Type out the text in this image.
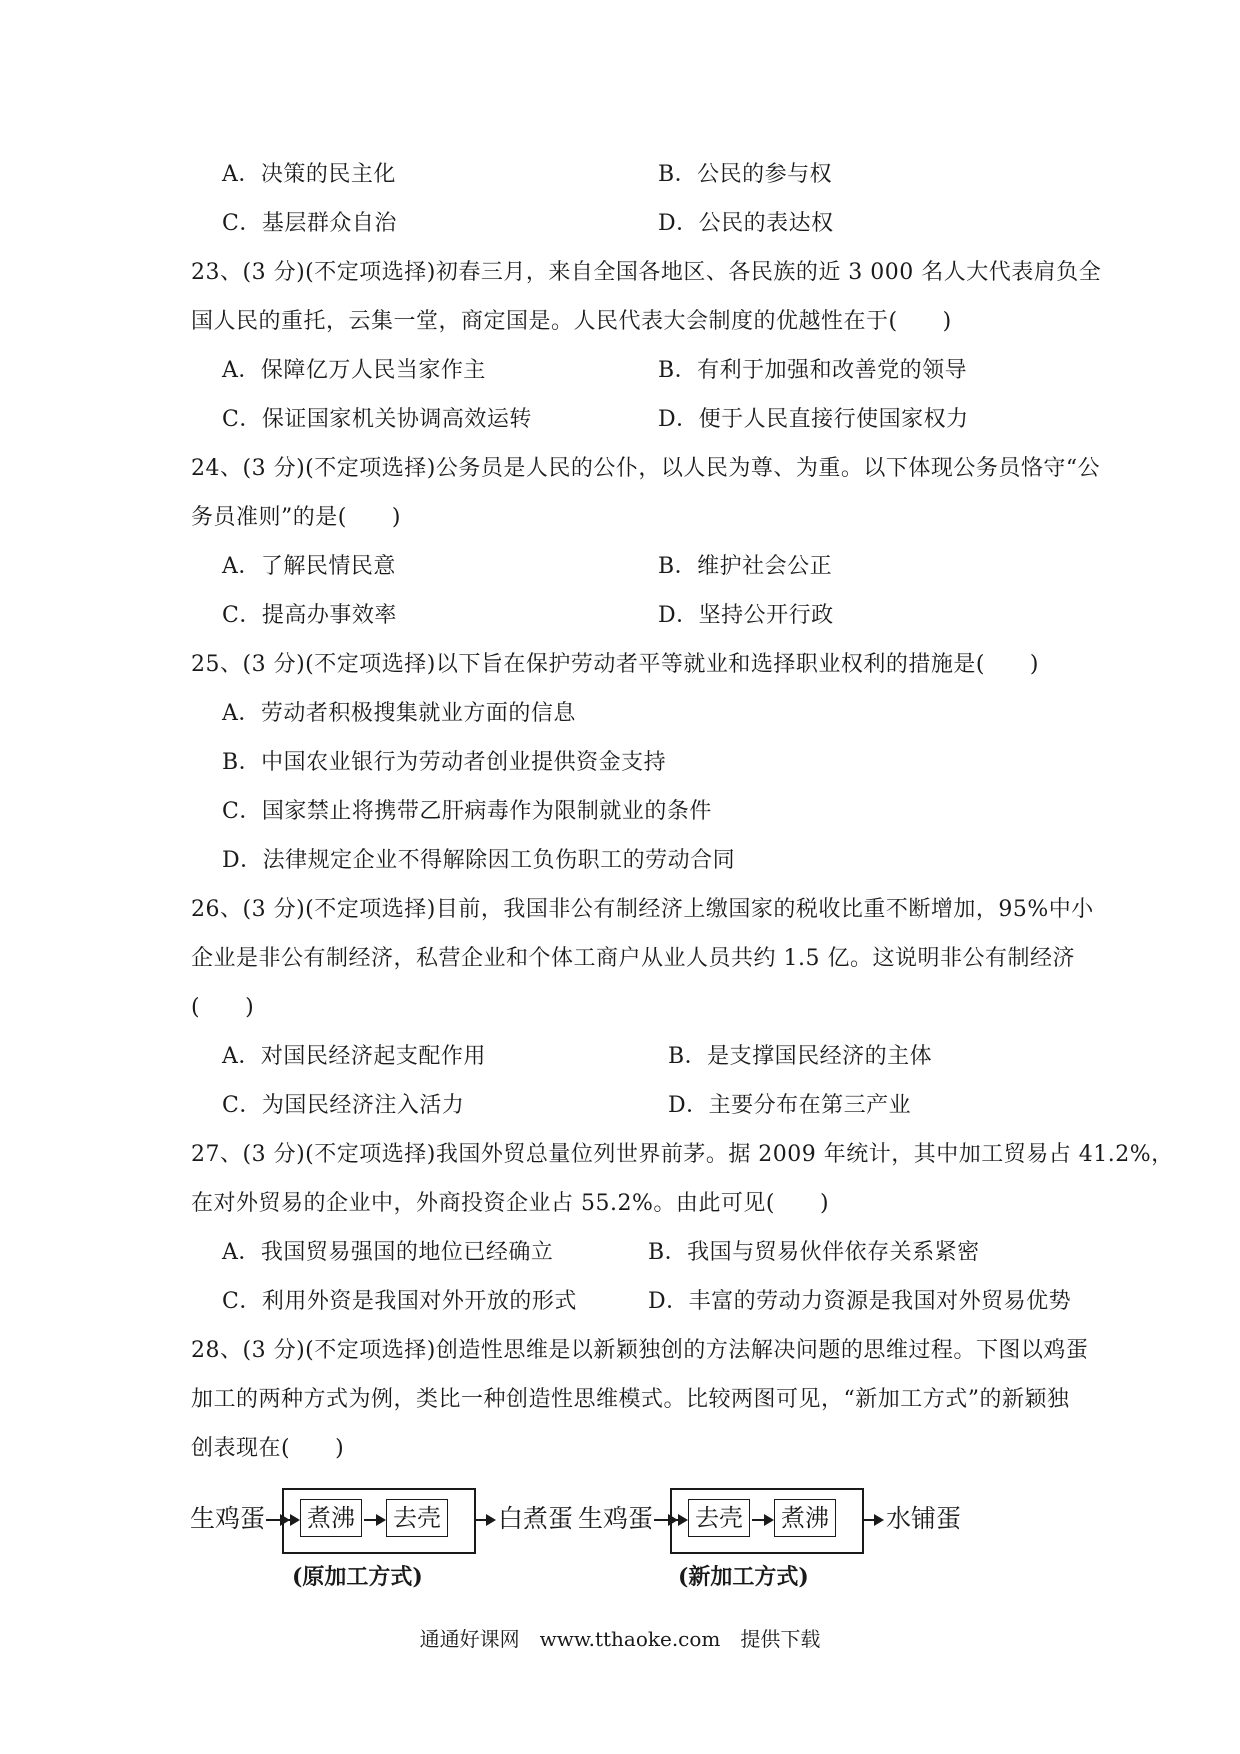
A．决策的民主化	B．公民的参与权
C．基层群众自治	D．公民的表达权
23、(3 分)(不定项选择)初春三月，来自全国各地区、各民族的近 3 000 名人大代表肩负全
国人民的重托，云集一堂，商定国是。人民代表大会制度的优越性在于(　　)
A．保障亿万人民当家作主	B．有利于加强和改善党的领导
C．保证国家机关协调高效运转	D．便于人民直接行使国家权力
24、(3 分)(不定项选择)公务员是人民的公仆，以人民为尊、为重。以下体现公务员恪守“公
务员准则”的是(　　)
A．了解民情民意	B．维护社会公正
C．提高办事效率	D．坚持公开行政
25、(3 分)(不定项选择)以下旨在保护劳动者平等就业和选择职业权利的措施是(　　)
A．劳动者积极搜集就业方面的信息
B．中国农业银行为劳动者创业提供资金支持
C．国家禁止将携带乙肝病毒作为限制就业的条件
D．法律规定企业不得解除因工负伤职工的劳动合同
26、(3 分)(不定项选择)目前，我国非公有制经济上缴国家的税收比重不断增加，95%中小
企业是非公有制经济，私营企业和个体工商户从业人员共约 1.5 亿。这说明非公有制经济
(　　)
A．对国民经济起支配作用	B．是支撑国民经济的主体
C．为国民经济注入活力	D．主要分布在第三产业
27、(3 分)(不定项选择)我国外贸总量位列世界前茅。据 2009 年统计，其中加工贸易占 41.2%，
在对外贸易的企业中，外商投资企业占 55.2%。由此可见(　　)
A．我国贸易强国的地位已经确立	B．我国与贸易伙伴依存关系紧密
C．利用外资是我国对外开放的形式	D．丰富的劳动力资源是我国对外贸易优势
28、(3 分)(不定项选择)创造性思维是以新颖独创的方法解决问题的思维过程。下图以鸡蛋
加工的两种方式为例，类比一种创造性思维模式。比较两图可见，“新加工方式”的新颖独
创表现在(　　)
生鸡蛋 煮沸 去壳 白煮蛋
(原加工方式)
生鸡蛋 去壳 煮沸 水铺蛋
(新加工方式)
通通好课网　www.tthaoke.com　提供下载
